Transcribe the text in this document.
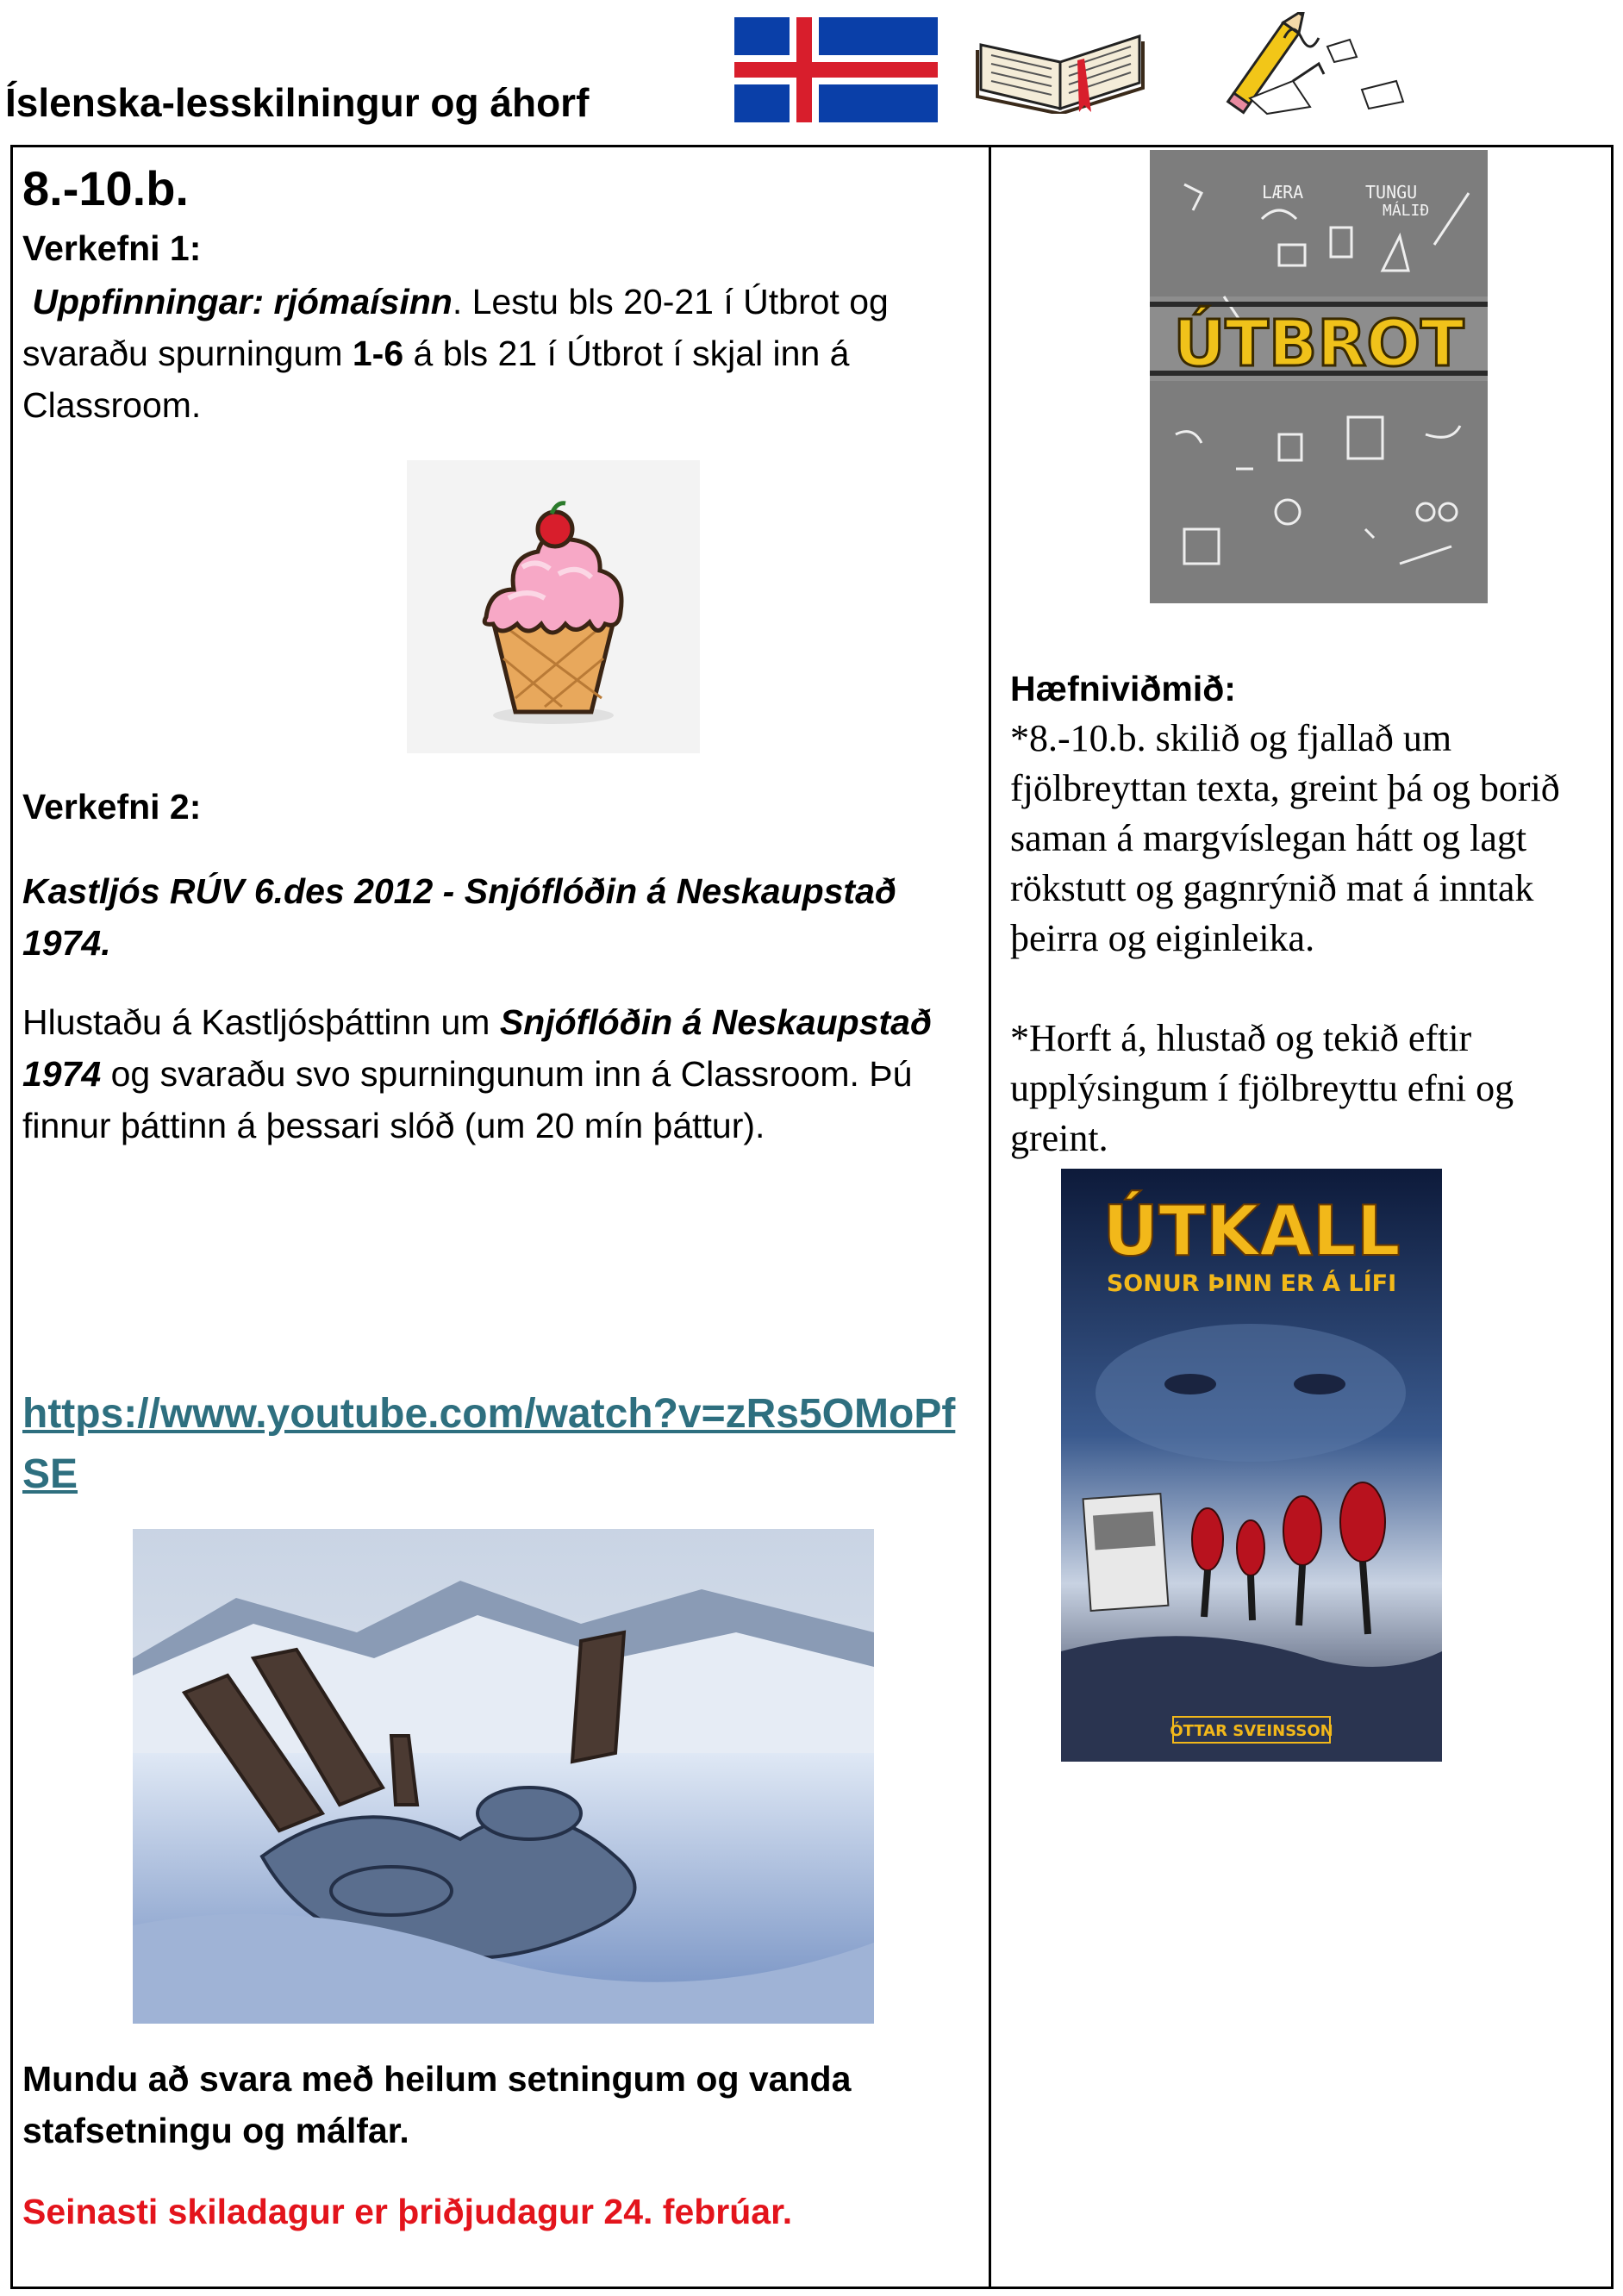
Íslenska-lesskilningur og áhorf
8.-10.b.
Verkefni 1:
Uppfinningar: rjómaísinn. Lestu bls 20-21 í Útbrot og svaraðu spurningum 1-6 á bls 21 í Útbrot í skjal inn á Classroom.
Verkefni 2:
Kastljós RÚV 6.des 2012 - Snjóflóðin á Neskaupstað 1974.
Hlustaðu á Kastljósþáttinn um Snjóflóðin á Neskaupstað 1974 og svaraðu svo spurningunum inn á Classroom. Þú finnur þáttinn á þessari slóð (um 20 mín þáttur).
https://www.youtube.com/watch?v=zRs5OMoPfSE
Mundu að svara með heilum setningum og vanda stafsetningu og málfar.
Seinasti skiladagur er þriðjudagur 24. febrúar.
LÆRA	TUNGU
MÁLIÐ
ÚTBROT
Hæfniviðmið:
*8.-10.b. skilið og fjallað um fjölbreyttan texta, greint þá og borið saman á margvíslegan hátt og lagt rökstutt og gagnrýnið mat á inntak þeirra og eiginleika.
*Horft á, hlustað og tekið eftir upplýsingum í fjölbreyttu efni og greint.
ÚTKALL
SONUR ÞINN ER Á LÍFI
ÓTTAR SVEINSSON
